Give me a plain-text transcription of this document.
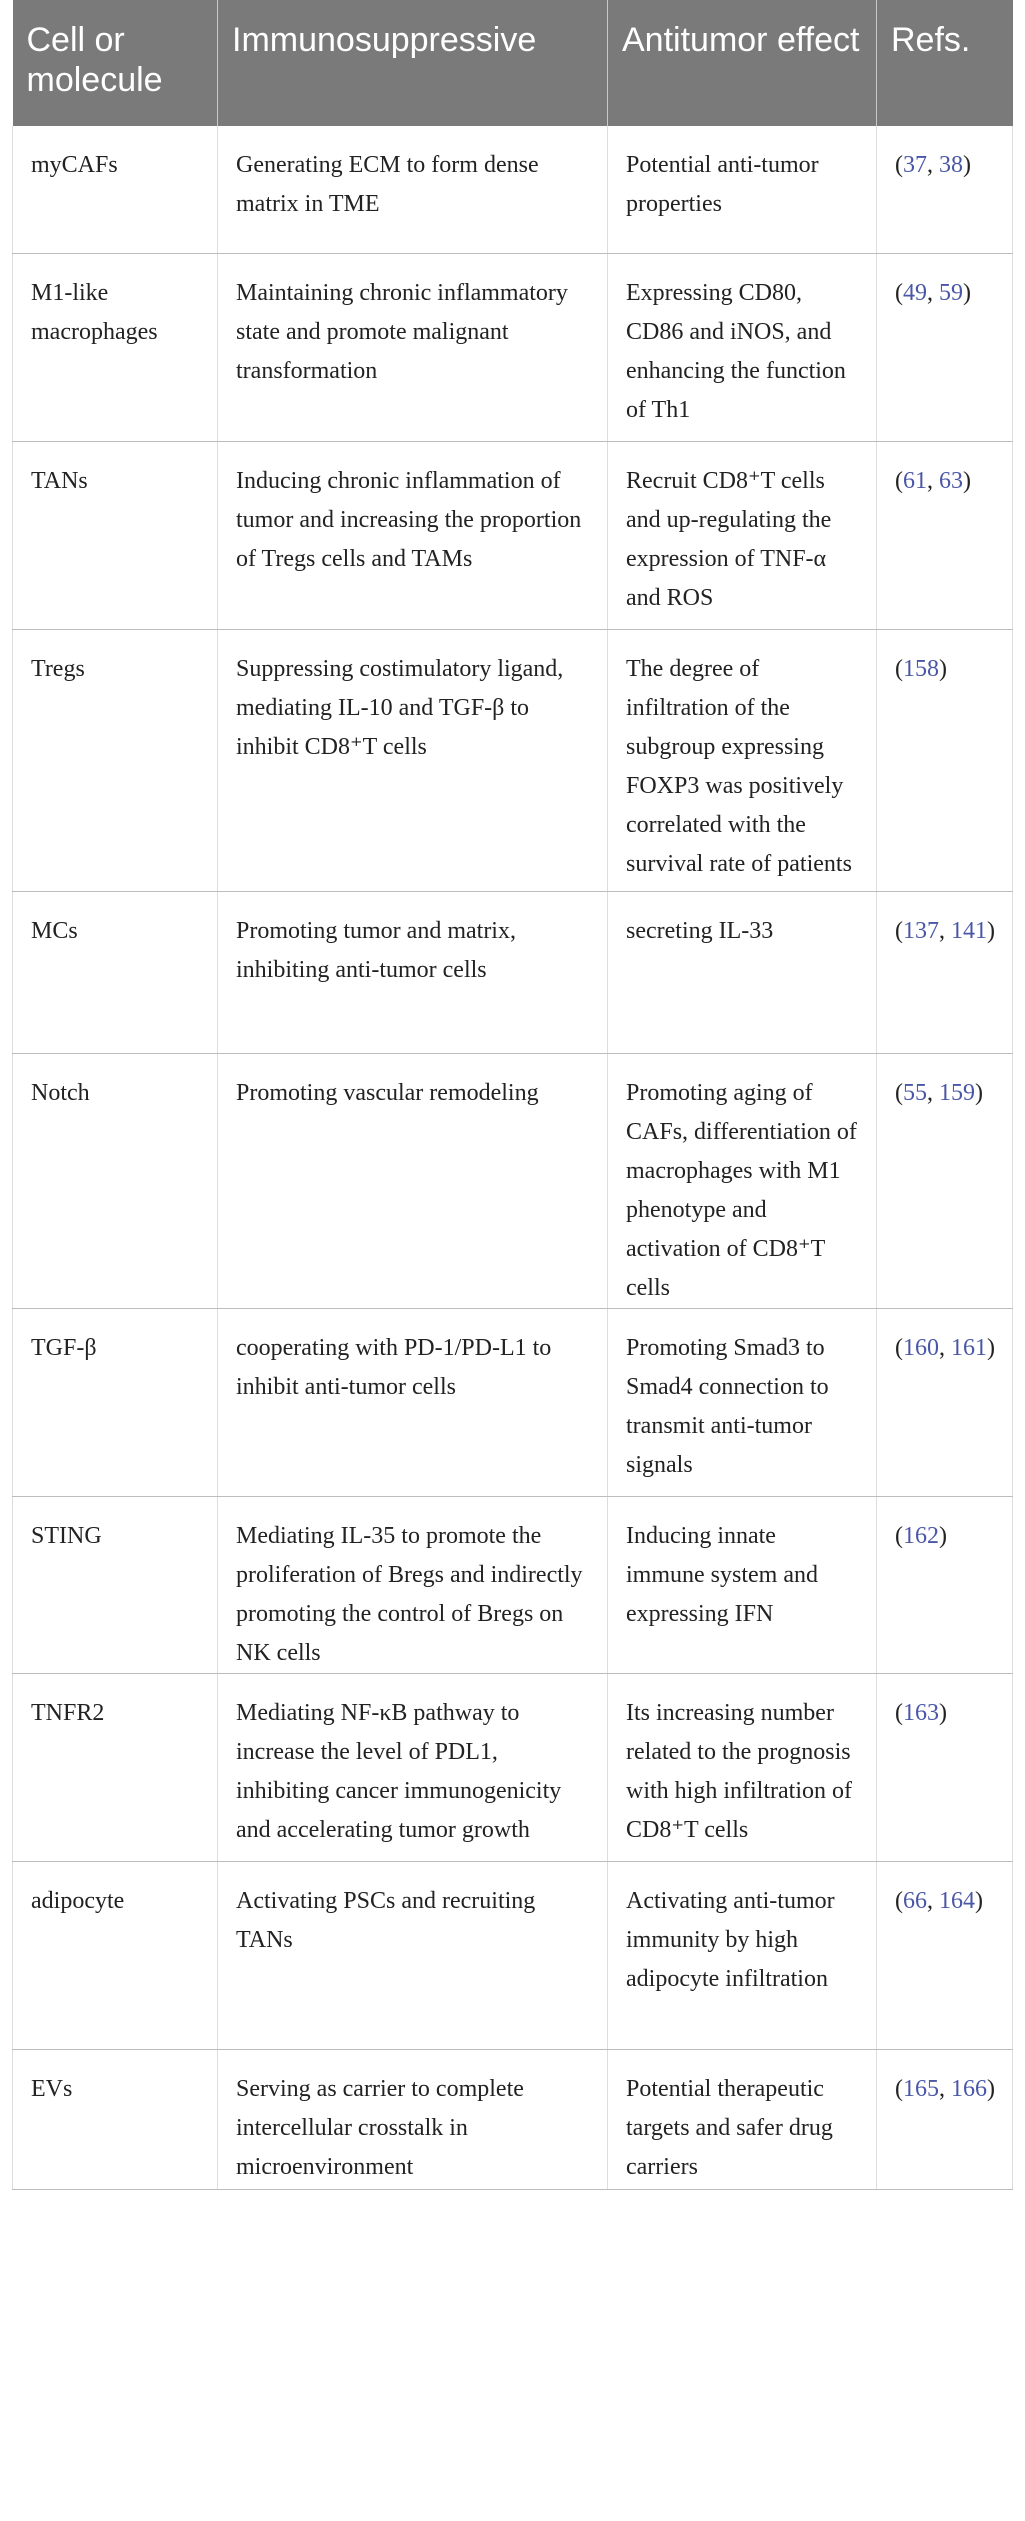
Cell or molecule	Immunosuppressive	Antitumor effect	Refs.
myCAFs	Generating ECM to form dense matrix in TME	Potential anti-tumor properties	(37, 38)
M1-like macrophages	Maintaining chronic inflammatory state and promote malignant transformation	Expressing CD80, CD86 and iNOS, and enhancing the function of Th1	(49, 59)
TANs	Inducing chronic inflammation of tumor and increasing the proportion of Tregs cells and TAMs	Recruit CD8⁺T cells and up-regulating the expression of TNF-α and ROS	(61, 63)
Tregs	Suppressing costimulatory ligand, mediating IL-10 and TGF-β to inhibit CD8⁺T cells	The degree of infiltration of the subgroup expressing FOXP3 was positively correlated with the survival rate of patients	(158)
MCs	Promoting tumor and matrix, inhibiting anti-tumor cells	secreting IL-33	(137, 141)
Notch	Promoting vascular remodeling	Promoting aging of CAFs, differentiation of macrophages with M1 phenotype and activation of CD8⁺T cells	(55, 159)
TGF-β	cooperating with PD-1/PD-L1 to inhibit anti-tumor cells	Promoting Smad3 to Smad4 connection to transmit anti-tumor signals	(160, 161)
STING	Mediating IL-35 to promote the proliferation of Bregs and indirectly promoting the control of Bregs on NK cells	Inducing innate immune system and expressing IFN	(162)
TNFR2	Mediating NF-κB pathway to increase the level of PDL1, inhibiting cancer immunogenicity and accelerating tumor growth	Its increasing number related to the prognosis with high infiltration of CD8⁺T cells	(163)
adipocyte	Activating PSCs and recruiting TANs	Activating anti-tumor immunity by high adipocyte infiltration	(66, 164)
EVs	Serving as carrier to complete intercellular crosstalk in microenvironment	Potential therapeutic targets and safer drug carriers	(165, 166)
